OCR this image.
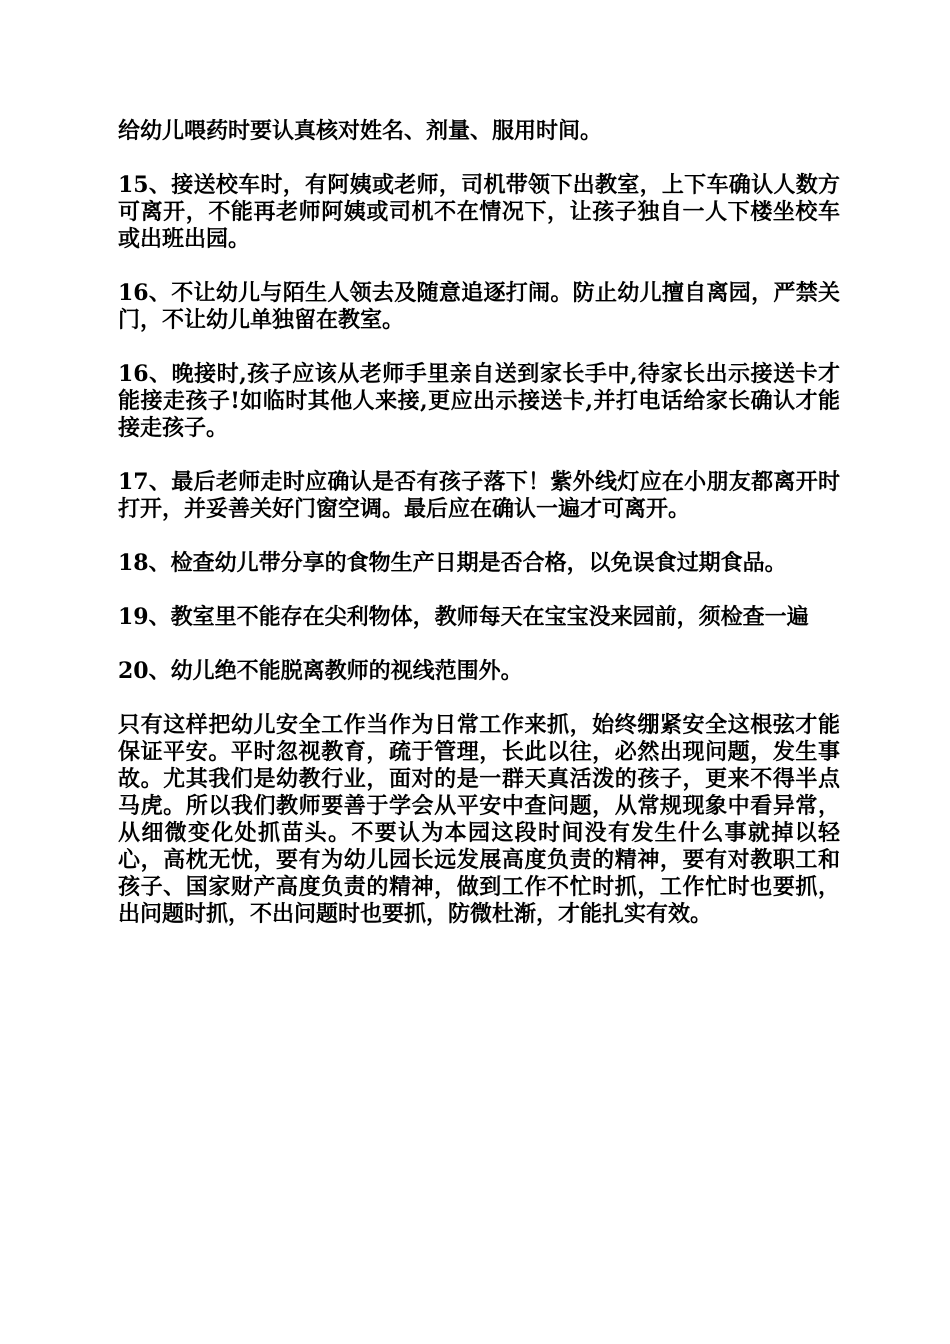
给幼儿喂药时要认真核对姓名、剂量、服用时间。

15、接送校车时，有阿姨或老师，司机带领下出教室，上下车确认人数方可离开，不能再老师阿姨或司机不在情况下，让孩子独自一人下楼坐校车或出班出园。

16、不让幼儿与陌生人领去及随意追逐打闹。防止幼儿擅自离园，严禁关门，不让幼儿单独留在教室。

16、晚接时,孩子应该从老师手里亲自送到家长手中,待家长出示接送卡才能接走孩子!如临时其他人来接,更应出示接送卡,并打电话给家长确认才能接走孩子。

17、最后老师走时应确认是否有孩子落下！紫外线灯应在小朋友都离开时打开，并妥善关好门窗空调。最后应在确认一遍才可离开。

18、检查幼儿带分享的食物生产日期是否合格，以免误食过期食品。

19、教室里不能存在尖利物体，教师每天在宝宝没来园前，须检查一遍

20、幼儿绝不能脱离教师的视线范围外。

只有这样把幼儿安全工作当作为日常工作来抓，始终绷紧安全这根弦才能保证平安。平时忽视教育，疏于管理，长此以往，必然出现问题，发生事故。尤其我们是幼教行业，面对的是一群天真活泼的孩子，更来不得半点马虎。所以我们教师要善于学会从平安中查问题，从常规现象中看异常，从细微变化处抓苗头。不要认为本园这段时间没有发生什么事就掉以轻心，高枕无忧，要有为幼儿园长远发展高度负责的精神，要有对教职工和孩子、国家财产高度负责的精神，做到工作不忙时抓，工作忙时也要抓，出问题时抓，不出问题时也要抓，防微杜渐，才能扎实有效。
